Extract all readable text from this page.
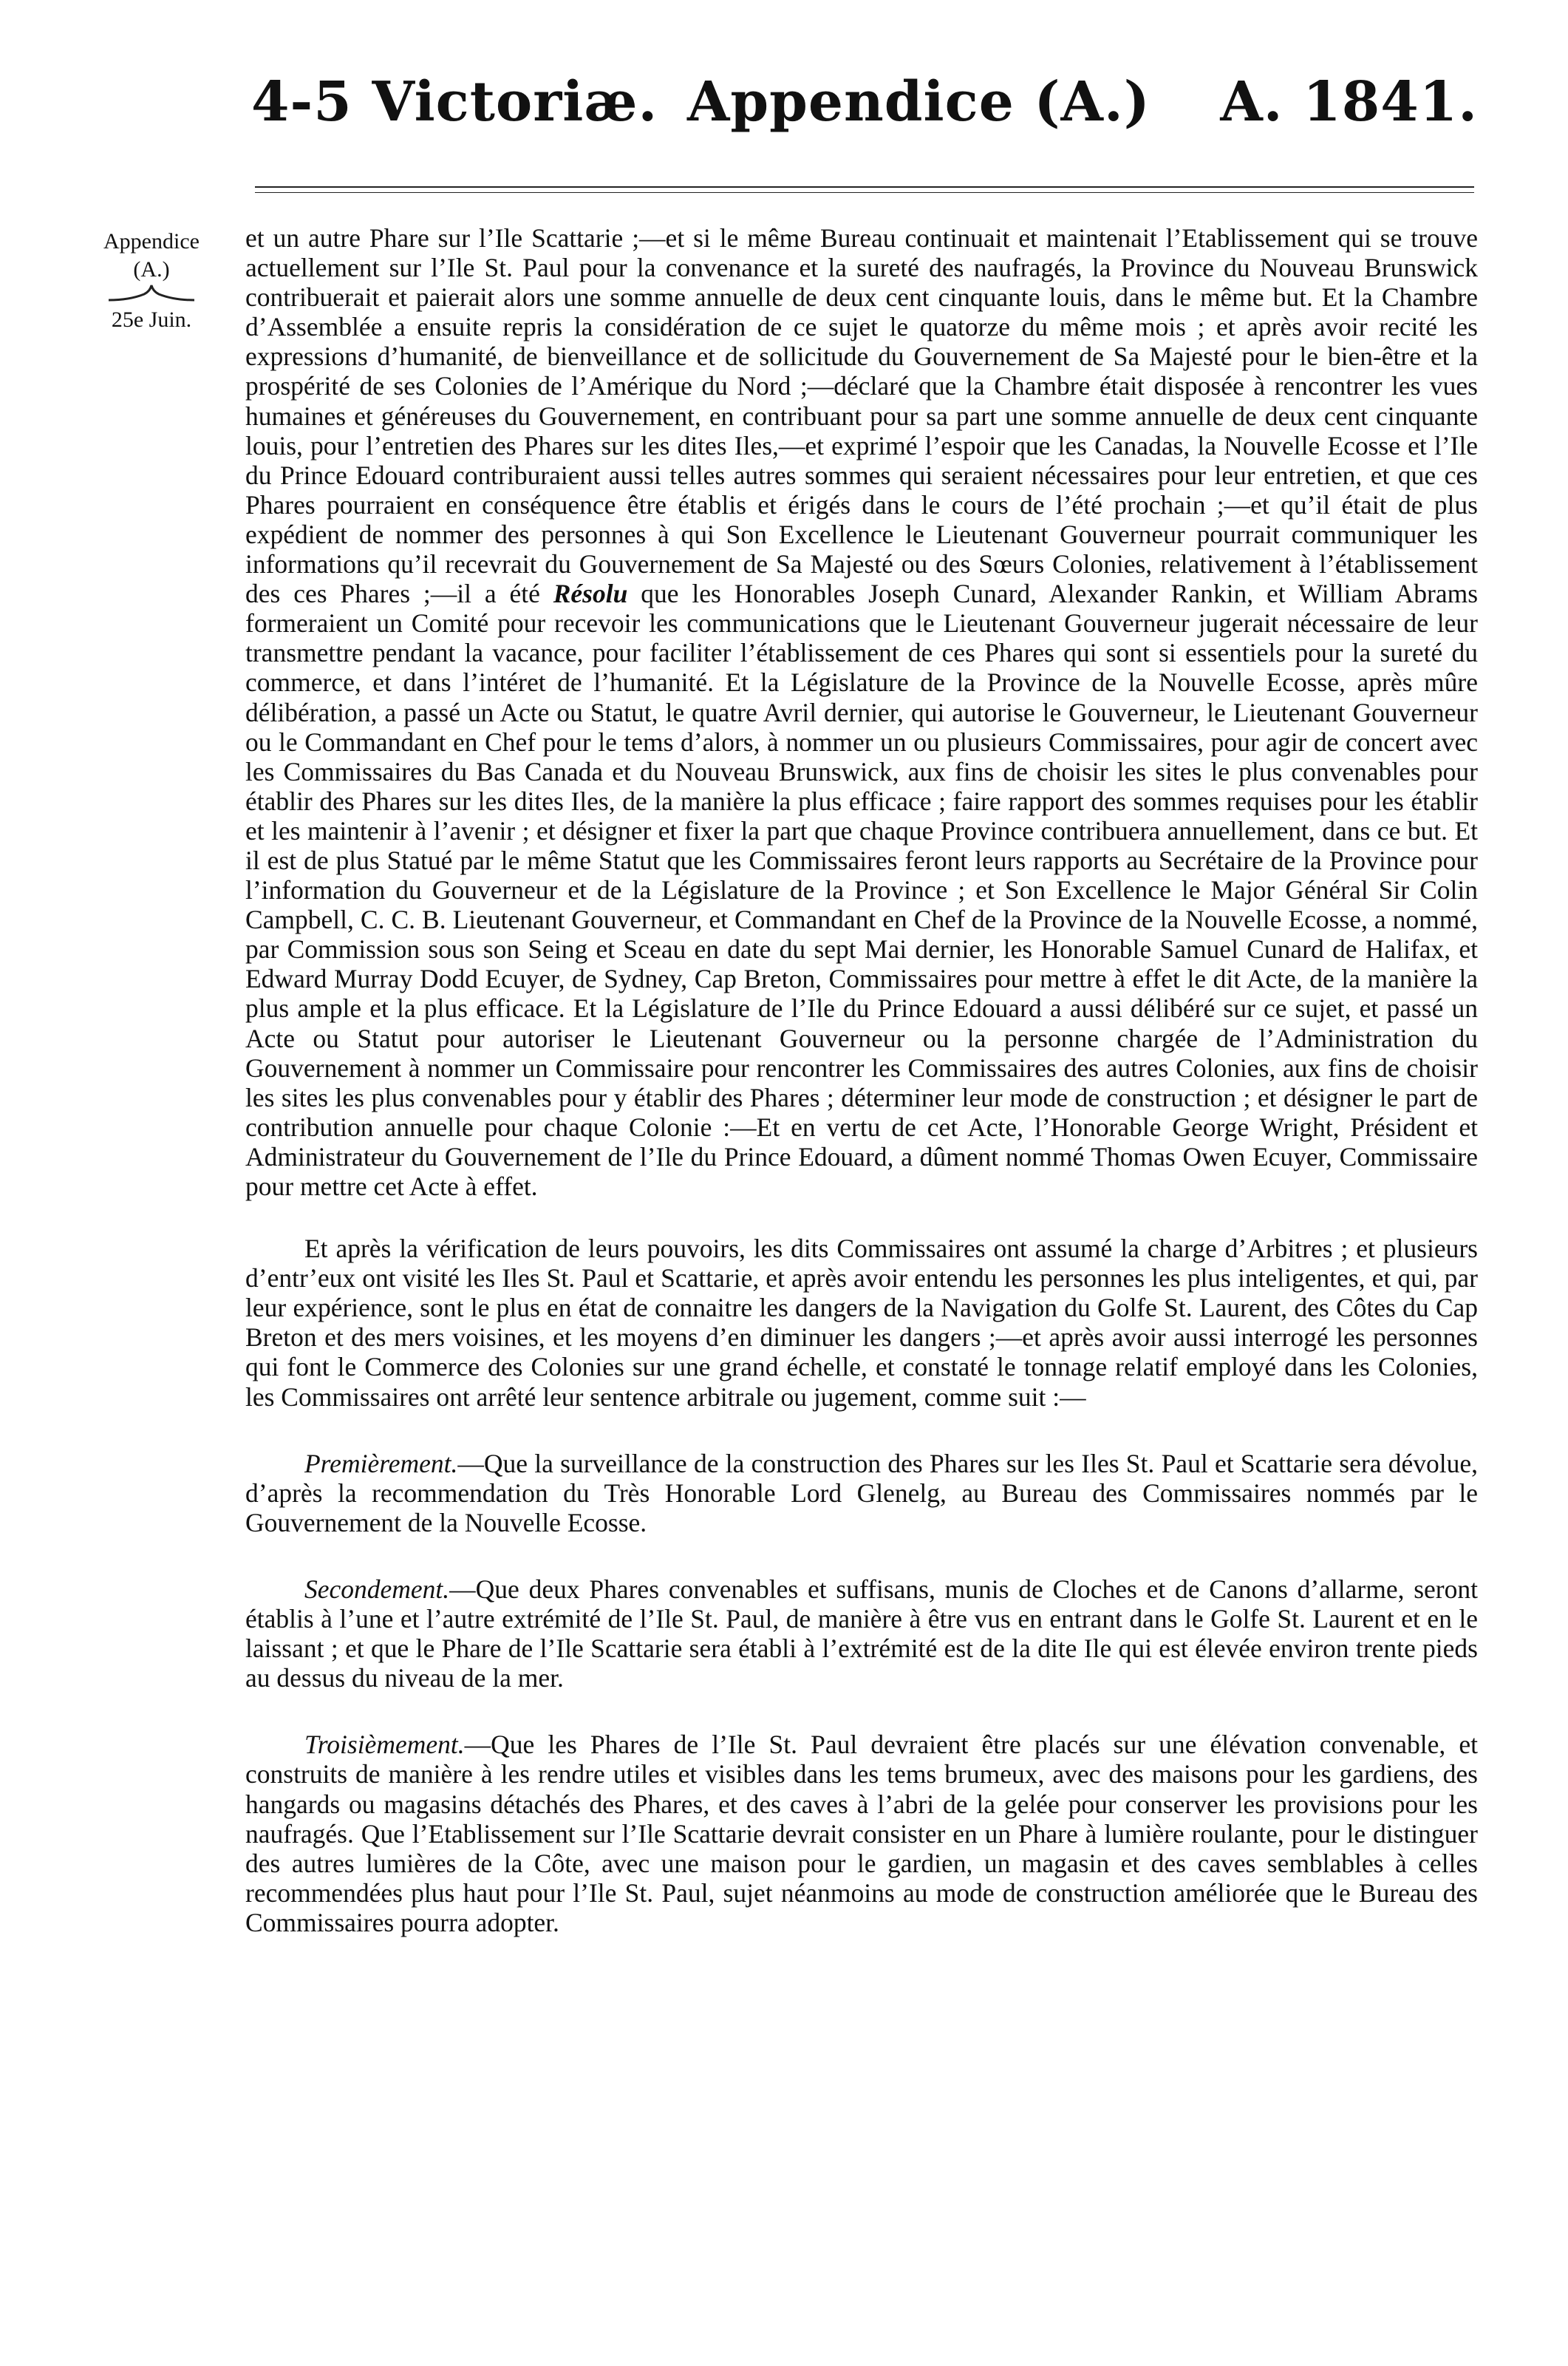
4-5 Victoriæ. Appendice (A.) A. 1841.
Appendice
(A.)
25e Juin.

et un autre Phare sur l’Ile Scattarie ;—et si le même Bureau continuait et maintenait l’Etablissement qui se trouve actuellement sur l’Ile St. Paul pour la convenance et la sureté des naufragés, la Province du Nouveau Brunswick contribuerait et paierait alors une somme annuelle de deux cent cinquante louis, dans le même but. Et la Chambre d’Assemblée a ensuite repris la considération de ce sujet le quatorze du même mois ; et après avoir recité les expressions d’humanité, de bienveillance et de sollicitude du Gouvernement de Sa Majesté pour le bien-être et la prospérité de ses Colonies de l’Amérique du Nord ;—déclaré que la Chambre était disposée à rencontrer les vues humaines et généreuses du Gouvernement, en contribuant pour sa part une somme annuelle de deux cent cinquante louis, pour l’entretien des Phares sur les dites Iles,—et exprimé l’espoir que les Canadas, la Nouvelle Ecosse et l’Ile du Prince Edouard contriburaient aussi telles autres sommes qui seraient nécessaires pour leur entretien, et que ces Phares pourraient en conséquence être établis et érigés dans le cours de l’été prochain ;—et qu’il était de plus expédient de nommer des personnes à qui Son Excellence le Lieutenant Gouverneur pourrait communiquer les informations qu’il recevrait du Gouvernement de Sa Majesté ou des Sœurs Colonies, relativement à l’établissement des ces Phares ;—il a été Résolu que les Honorables Joseph Cunard, Alexander Rankin, et William Abrams formeraient un Comité pour recevoir les communications que le Lieutenant Gouverneur jugerait nécessaire de leur transmettre pendant la vacance, pour faciliter l’établissement de ces Phares qui sont si essentiels pour la sureté du commerce, et dans l’intéret de l’humanité. Et la Législature de la Province de la Nouvelle Ecosse, après mûre délibération, a passé un Acte ou Statut, le quatre Avril dernier, qui autorise le Gouverneur, le Lieutenant Gouverneur ou le Commandant en Chef pour le tems d’alors, à nommer un ou plusieurs Commissaires, pour agir de concert avec les Commissaires du Bas Canada et du Nouveau Brunswick, aux fins de choisir les sites le plus convenables pour établir des Phares sur les dites Iles, de la manière la plus efficace ; faire rapport des sommes requises pour les établir et les maintenir à l’avenir ; et désigner et fixer la part que chaque Province contribuera annuellement, dans ce but. Et il est de plus Statué par le même Statut que les Commissaires feront leurs rapports au Secrétaire de la Province pour l’information du Gouverneur et de la Législature de la Province ; et Son Excellence le Major Général Sir Colin Campbell, C. C. B. Lieutenant Gouverneur, et Commandant en Chef de la Province de la Nouvelle Ecosse, a nommé, par Commission sous son Seing et Sceau en date du sept Mai dernier, les Honorable Samuel Cunard de Halifax, et Edward Murray Dodd Ecuyer, de Sydney, Cap Breton, Commissaires pour mettre à effet le dit Acte, de la manière la plus ample et la plus efficace. Et la Législature de l’Ile du Prince Edouard a aussi délibéré sur ce sujet, et passé un Acte ou Statut pour autoriser le Lieutenant Gouverneur ou la personne chargée de l’Administration du Gouvernement à nommer un Commissaire pour rencontrer les Commissaires des autres Colonies, aux fins de choisir les sites les plus convenables pour y établir des Phares ; déterminer leur mode de construction ; et désigner le part de contribution annuelle pour chaque Colonie :—Et en vertu de cet Acte, l’Honorable George Wright, Président et Administrateur du Gouvernement de l’Ile du Prince Edouard, a dûment nommé Thomas Owen Ecuyer, Commissaire pour mettre cet Acte à effet.

Et après la vérification de leurs pouvoirs, les dits Commissaires ont assumé la charge d’Arbitres ; et plusieurs d’entr’eux ont visité les Iles St. Paul et Scattarie, et après avoir entendu les personnes les plus inteligentes, et qui, par leur expérience, sont le plus en état de connaitre les dangers de la Navigation du Golfe St. Laurent, des Côtes du Cap Breton et des mers voisines, et les moyens d’en diminuer les dangers ;—et après avoir aussi interrogé les personnes qui font le Commerce des Colonies sur une grand échelle, et constaté le tonnage relatif employé dans les Colonies, les Commissaires ont arrêté leur sentence arbitrale ou jugement, comme suit :—

Premièrement.—Que la surveillance de la construction des Phares sur les Iles St. Paul et Scattarie sera dévolue, d’après la recommendation du Très Honorable Lord Glenelg, au Bureau des Commissaires nommés par le Gouvernement de la Nouvelle Ecosse.

Secondement.—Que deux Phares convenables et suffisans, munis de Cloches et de Canons d’allarme, seront établis à l’une et l’autre extrémité de l’Ile St. Paul, de manière à être vus en entrant dans le Golfe St. Laurent et en le laissant ; et que le Phare de l’Ile Scattarie sera établi à l’extrémité est de la dite Ile qui est élevée environ trente pieds au dessus du niveau de la mer.

Troisièmement.—Que les Phares de l’Ile St. Paul devraient être placés sur une élévation convenable, et construits de manière à les rendre utiles et visibles dans les tems brumeux, avec des maisons pour les gardiens, des hangards ou magasins détachés des Phares, et des caves à l’abri de la gelée pour conserver les provisions pour les naufragés. Que l’Etablissement sur l’Ile Scattarie devrait consister en un Phare à lumière roulante, pour le distinguer des autres lumières de la Côte, avec une maison pour le gardien, un magasin et des caves semblables à celles recommendées plus haut pour l’Ile St. Paul, sujet néanmoins au mode de construction améliorée que le Bureau des Commissaires pourra adopter.
